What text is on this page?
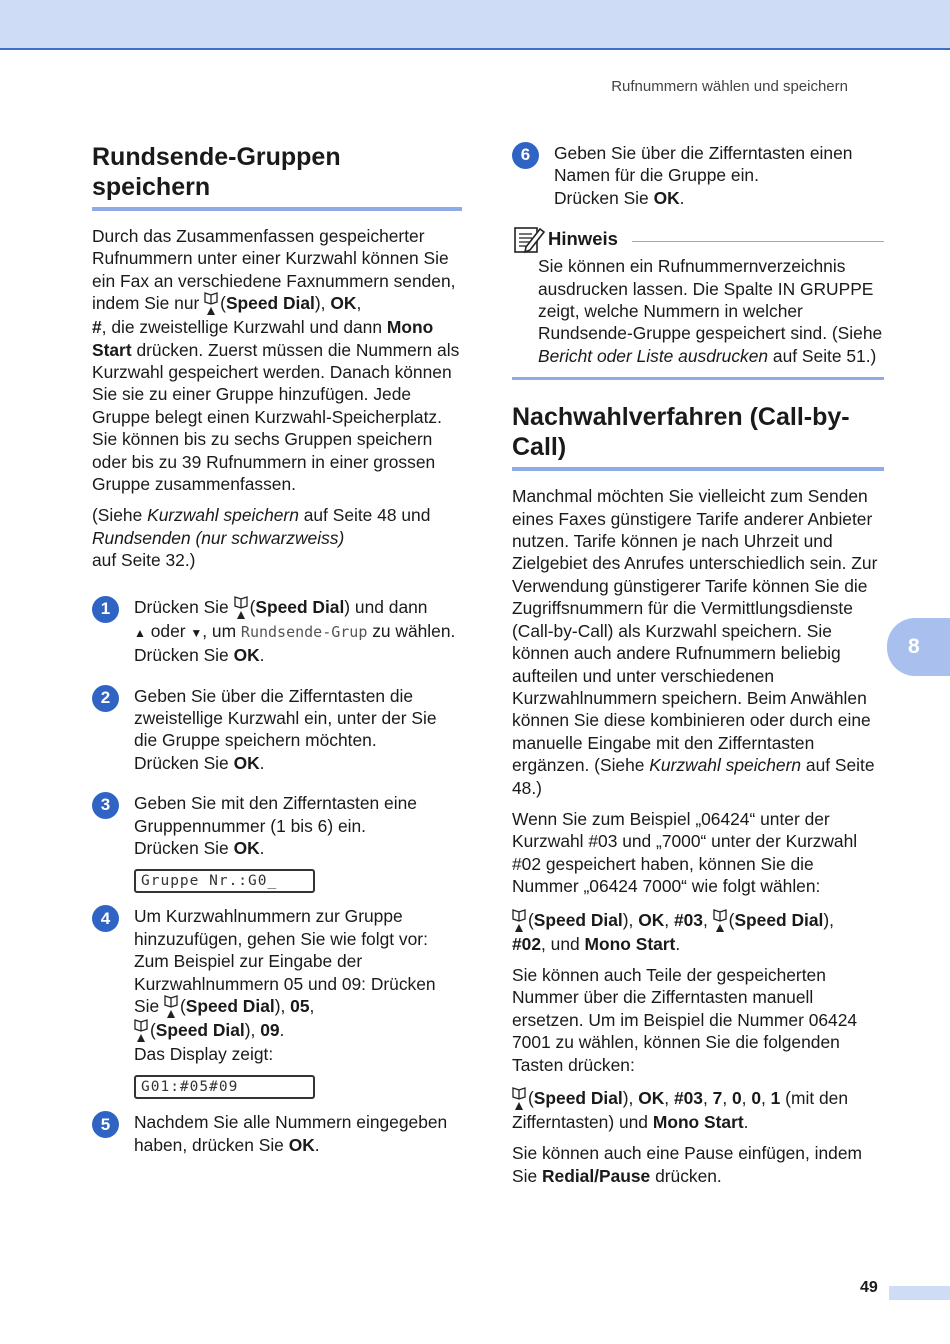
Rufnummern wählen und speichern
8
Rundsende-Gruppen speichern

Durch das Zusammenfassen gespeicherter Rufnummern unter einer Kurzwahl können Sie ein Fax an verschiedene Faxnummern senden, indem Sie nur (Speed Dial), OK,
#, die zweistellige Kurzwahl und dann Mono Start drücken. Zuerst müssen die Nummern als Kurzwahl gespeichert werden. Danach können Sie sie zu einer Gruppe hinzufügen. Jede Gruppe belegt einen Kurzwahl-Speicherplatz. Sie können bis zu sechs Gruppen speichern oder bis zu 39 Rufnummern in einer grossen Gruppe zusammenfassen.

(Siehe Kurzwahl speichern auf Seite 48 und
Rundsenden (nur schwarzweiss)
auf Seite 32.)

1	Drücken Sie (Speed Dial) und dann
▲ oder ▼, um Rundsende-Grup zu wählen.
Drücken Sie OK.

2	Geben Sie über die Zifferntasten die zweistellige Kurzwahl ein, unter der Sie die Gruppe speichern möchten.
Drücken Sie OK.

3	Geben Sie mit den Zifferntasten eine Gruppennummer (1 bis 6) ein.
Drücken Sie OK.

Gruppe Nr.:G0_
4	Um Kurzwahlnummern zur Gruppe hinzuzufügen, gehen Sie wie folgt vor: Zum Beispiel zur Eingabe der Kurzwahlnummern 05 und 09: Drücken Sie (Speed Dial), 05,

(Speed Dial), 09.
Das Display zeigt:

G01:#05#09
5	Nachdem Sie alle Nummern eingegeben haben, drücken Sie OK.

6	Geben Sie über die Zifferntasten einen Namen für die Gruppe ein.
Drücken Sie OK.

Hinweis

Sie können ein Rufnummernverzeichnis ausdrucken lassen. Die Spalte IN GRUPPE zeigt, welche Nummern in welcher Rundsende-Gruppe gespeichert sind. (Siehe Bericht oder Liste ausdrucken auf Seite 51.)

Nachwahlverfahren (Call-by-Call)

Manchmal möchten Sie vielleicht zum Senden eines Faxes günstigere Tarife anderer Anbieter nutzen. Tarife können je nach Uhrzeit und Zielgebiet des Anrufes unterschiedlich sein. Zur Verwendung günstigerer Tarife können Sie die Zugriffsnummern für die Vermittlungsdienste (Call-by-Call) als Kurzwahl speichern. Sie können auch andere Rufnummern beliebig aufteilen und unter verschiedenen Kurzwahlnummern speichern. Beim Anwählen können Sie diese kombinieren oder durch eine manuelle Eingabe mit den Zifferntasten ergänzen. (Siehe Kurzwahl speichern auf Seite 48.)

Wenn Sie zum Beispiel „06424“ unter der Kurzwahl #03 und „7000“ unter der Kurzwahl #02 gespeichert haben, können Sie die Nummer „06424 7000“ wie folgt wählen:

(Speed Dial), OK, #03,
(Speed Dial),
#02, und Mono Start.

Sie können auch Teile der gespeicherten Nummer über die Zifferntasten manuell ersetzen. Um im Beispiel die Nummer 06424 7001 zu wählen, können Sie die folgenden Tasten drücken:

(Speed Dial), OK, #03, 7, 0, 0, 1 (mit den Zifferntasten) und Mono Start.

Sie können auch eine Pause einfügen, indem Sie Redial/Pause drücken.

49
